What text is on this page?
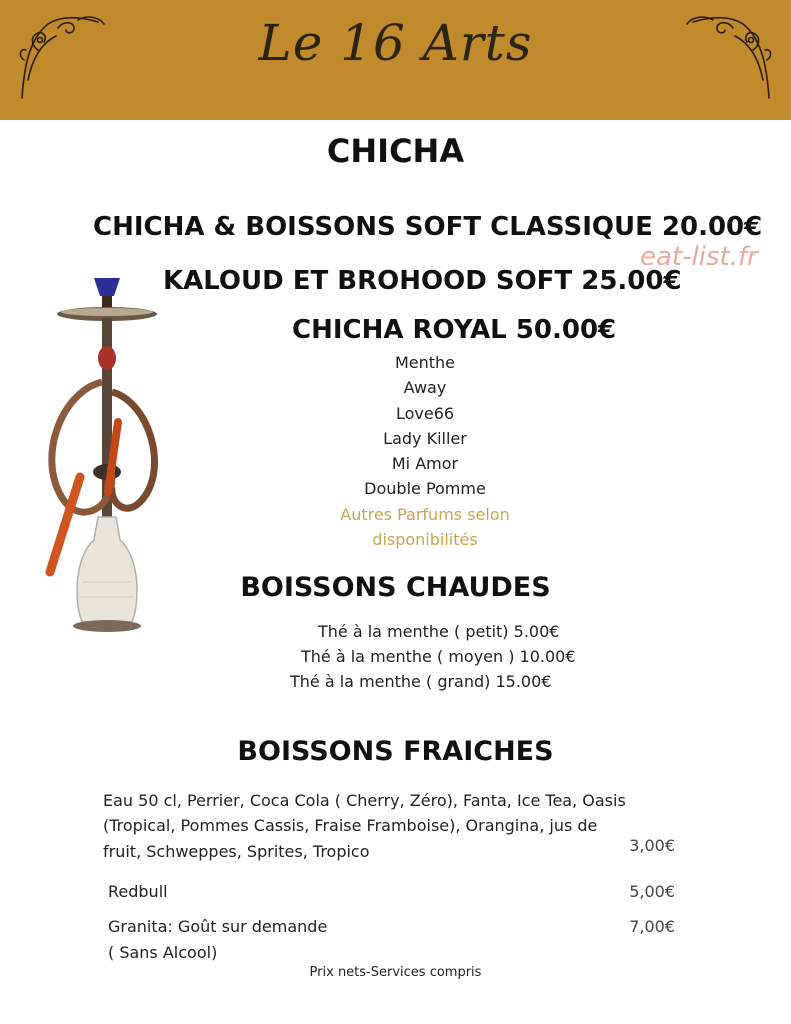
Le 16 Arts
CHICHA
CHICHA & BOISSONS SOFT CLASSIQUE 20.00€
eat-list.fr
KALOUD ET BROHOOD SOFT 25.00€
CHICHA ROYAL 50.00€
Menthe
Away
Love66
Lady Killer
Mi Amor
Double Pomme
Autres Parfums selon
disponibilités
BOISSONS CHAUDES
Thé à la menthe ( petit) 5.00€
Thé à la menthe ( moyen ) 10.00€
Thé à la menthe ( grand) 15.00€
BOISSONS FRAICHES
Eau 50 cl, Perrier, Coca Cola ( Cherry, Zéro), Fanta, Ice Tea, Oasis
(Tropical, Pommes Cassis, Fraise Framboise), Orangina, jus de
fruit, Schweppes, Sprites, Tropico	3,00€
Redbull	5,00€
Granita: Goût sur demande
( Sans Alcool)
7,00€
Prix nets-Services compris
